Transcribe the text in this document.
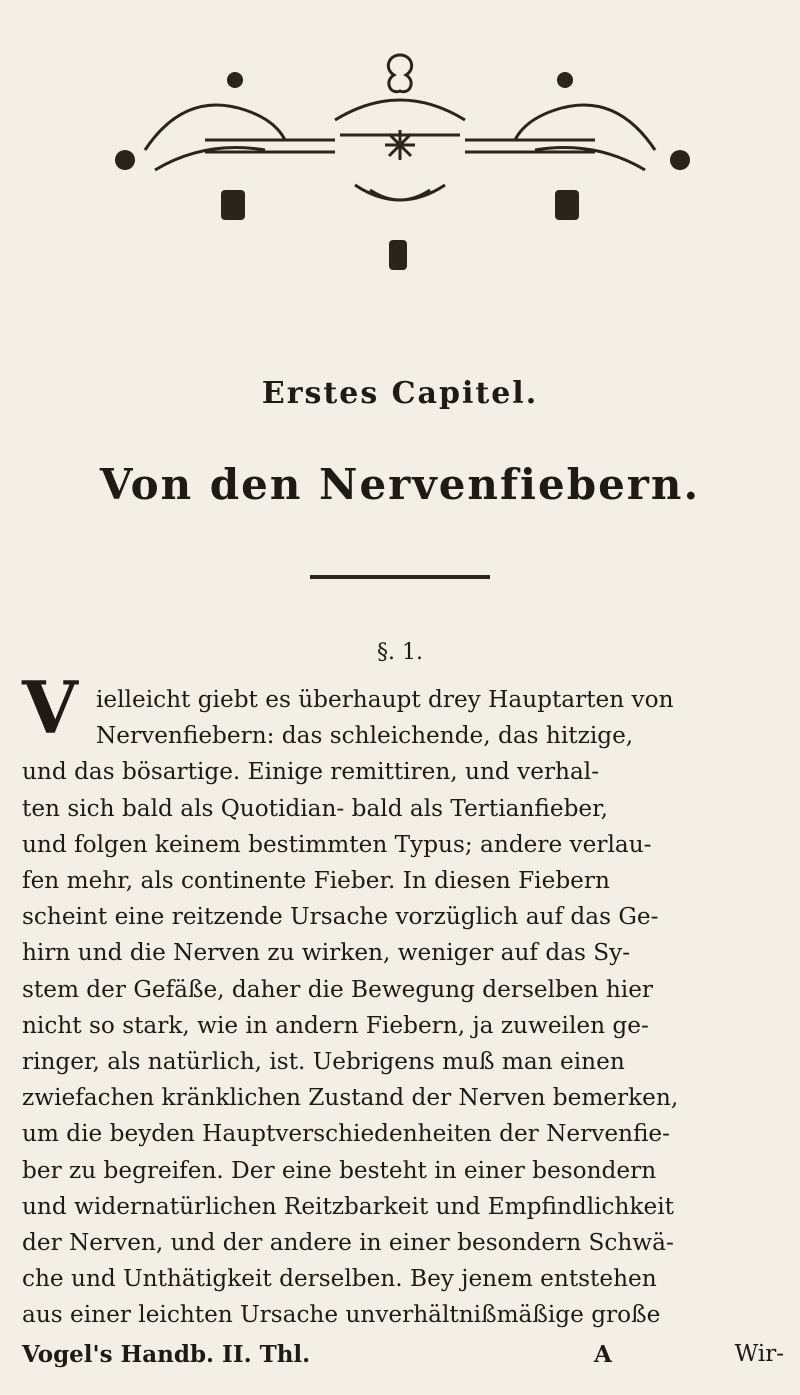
Erstes Capitel.
Von den Nervenfiebern.
§. 1.
V ielleicht giebt es überhaupt drey Hauptarten von
Nervenfiebern: das schleichende, das hitzige,
und das bösartige. Einige remittiren, und verhal-
ten sich bald als Quotidian- bald als Tertianfieber,
und folgen keinem bestimmten Typus; andere verlau-
fen mehr, als continente Fieber. In diesen Fiebern
scheint eine reitzende Ursache vorzüglich auf das Ge-
hirn und die Nerven zu wirken, weniger auf das Sy-
stem der Gefäße, daher die Bewegung derselben hier
nicht so stark, wie in andern Fiebern, ja zuweilen ge-
ringer, als natürlich, ist. Uebrigens muß man einen
zwiefachen kränklichen Zustand der Nerven bemerken,
um die beyden Hauptverschiedenheiten der Nervenfie-
ber zu begreifen. Der eine besteht in einer besondern
und widernatürlichen Reitzbarkeit und Empfindlichkeit
der Nerven, und der andere in einer besondern Schwä-
che und Unthätigkeit derselben. Bey jenem entstehen
aus einer leichten Ursache unverhältnißmäßige große
Vogel's Handb. II. Thl.	A	Wir-
